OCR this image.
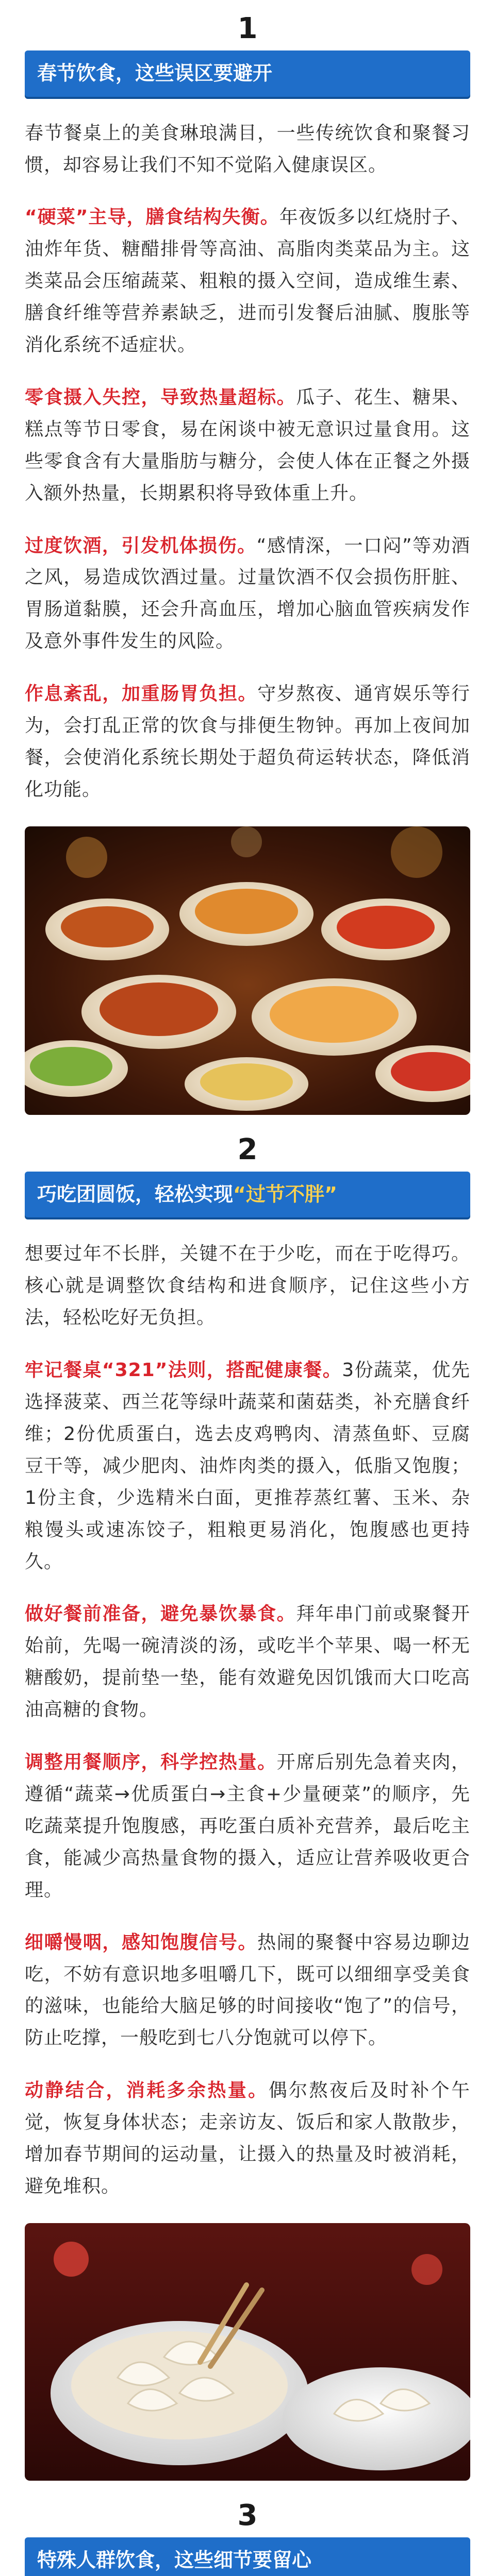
1
春节饮食，这些误区要避开

春节餐桌上的美食琳琅满目，一些传统饮食和聚餐习惯，却容易让我们不知不觉陷入健康误区。

“硬菜”主导，膳食结构失衡。年夜饭多以红烧肘子、油炸年货、糖醋排骨等高油、高脂肉类菜品为主。这类菜品会压缩蔬菜、粗粮的摄入空间，造成维生素、膳食纤维等营养素缺乏，进而引发餐后油腻、腹胀等消化系统不适症状。

零食摄入失控，导致热量超标。瓜子、花生、糖果、糕点等节日零食，易在闲谈中被无意识过量食用。这些零食含有大量脂肪与糖分，会使人体在正餐之外摄入额外热量，长期累积将导致体重上升。

过度饮酒，引发机体损伤。“感情深，一口闷”等劝酒之风，易造成饮酒过量。过量饮酒不仅会损伤肝脏、胃肠道黏膜，还会升高血压，增加心脑血管疾病发作及意外事件发生的风险。

作息紊乱，加重肠胃负担。守岁熬夜、通宵娱乐等行为，会打乱正常的饮食与排便生物钟。再加上夜间加餐，会使消化系统长期处于超负荷运转状态，降低消化功能。

2
巧吃团圆饭，轻松实现“过节不胖”

想要过年不长胖，关键不在于少吃，而在于吃得巧。核心就是调整饮食结构和进食顺序，记住这些小方法，轻松吃好无负担。

牢记餐桌“321”法则，搭配健康餐。3份蔬菜，优先选择菠菜、西兰花等绿叶蔬菜和菌菇类，补充膳食纤维；2份优质蛋白，选去皮鸡鸭肉、清蒸鱼虾、豆腐豆干等，减少肥肉、油炸肉类的摄入，低脂又饱腹；1份主食，少选精米白面，更推荐蒸红薯、玉米、杂粮馒头或速冻饺子，粗粮更易消化，饱腹感也更持久。

做好餐前准备，避免暴饮暴食。拜年串门前或聚餐开始前，先喝一碗清淡的汤，或吃半个苹果、喝一杯无糖酸奶，提前垫一垫，能有效避免因饥饿而大口吃高油高糖的食物。

调整用餐顺序，科学控热量。开席后别先急着夹肉，遵循“蔬菜→优质蛋白→主食+少量硬菜”的顺序，先吃蔬菜提升饱腹感，再吃蛋白质补充营养，最后吃主食，能减少高热量食物的摄入，适应让营养吸收更合理。

细嚼慢咽，感知饱腹信号。热闹的聚餐中容易边聊边吃，不妨有意识地多咀嚼几下，既可以细细享受美食的滋味，也能给大脑足够的时间接收“饱了”的信号，防止吃撑，一般吃到七八分饱就可以停下。

动静结合，消耗多余热量。偶尔熬夜后及时补个午觉，恢复身体状态；走亲访友、饭后和家人散散步，增加春节期间的运动量，让摄入的热量及时被消耗，避免堆积。

3
特殊人群饮食，这些细节要留心
